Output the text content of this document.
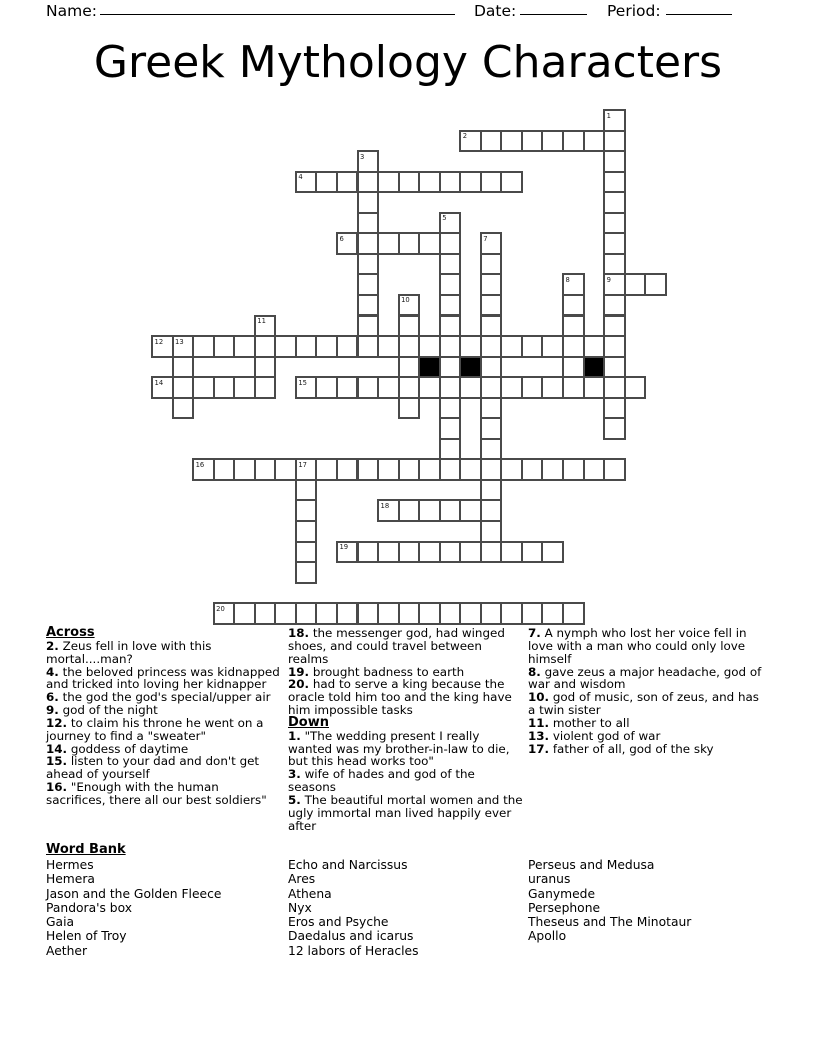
Name:	Date:	Period:
Greek Mythology Characters
1
2
3
4
5
6	7
8	9
10
11
12 13
14	15
16	17
18
19
20
Across
2. Zeus fell in love with this mortal....man?
4. the beloved princess was kidnapped and tricked into loving her kidnapper
6. the god the god's special/upper air
9. god of the night
12. to claim his throne he went on a journey to find a "sweater"
14. goddess of daytime
15. listen to your dad and don't get ahead of yourself
16. "Enough with the human sacrifices, there all our best soldiers"
18. the messenger god, had winged shoes, and could travel between realms
19. brought badness to earth
20. had to serve a king because the oracle told him too and the king have him impossible tasks
Down
1. "The wedding present I really wanted was my brother-in-law to die, but this head works too"
3. wife of hades and god of the seasons
5. The beautiful mortal women and the ugly immortal man lived happily ever after
7. A nymph who lost her voice fell in love with a man who could only love himself
8. gave zeus a major headache, god of war and wisdom
10. god of music, son of zeus, and has a twin sister
11. mother to all
13. violent god of war
17. father of all, god of the sky
Word Bank
Hermes
Hemera
Jason and the Golden Fleece
Pandora's box
Gaia
Helen of Troy
Aether
Echo and Narcissus
Ares
Athena
Nyx
Eros and Psyche
Daedalus and icarus
12 labors of Heracles
Perseus and Medusa
uranus
Ganymede
Persephone
Theseus and The Minotaur
Apollo
